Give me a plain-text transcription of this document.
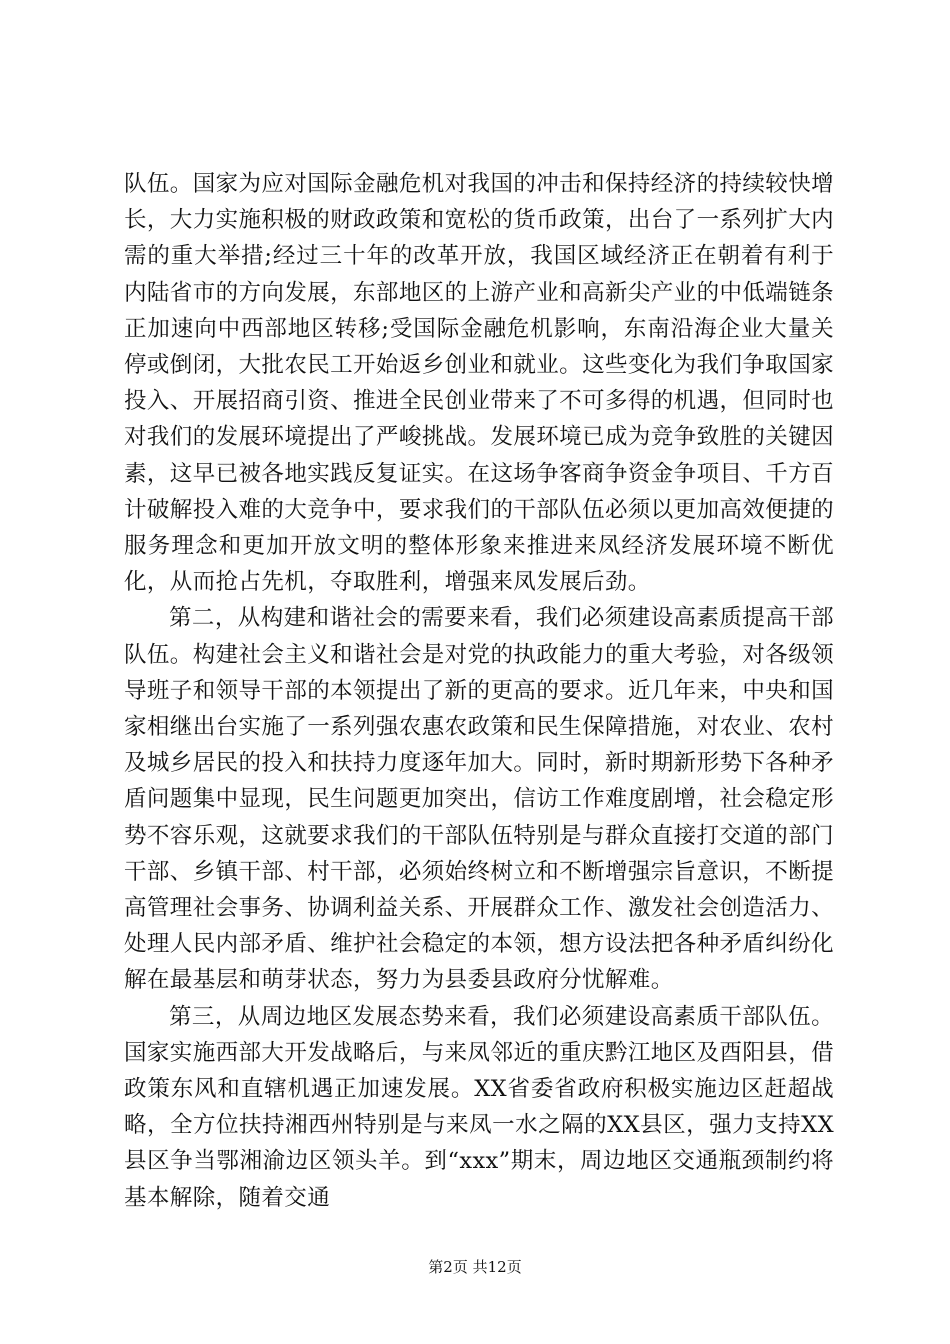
队伍。国家为应对国际金融危机对我国的冲击和保持经济的持续较快增长，大力实施积极的财政政策和宽松的货币政策，出台了一系列扩大内需的重大举措;经过三十年的改革开放，我国区域经济正在朝着有利于内陆省市的方向发展，东部地区的上游产业和高新尖产业的中低端链条正加速向中西部地区转移;受国际金融危机影响，东南沿海企业大量关停或倒闭，大批农民工开始返乡创业和就业。这些变化为我们争取国家投入、开展招商引资、推进全民创业带来了不可多得的机遇，但同时也对我们的发展环境提出了严峻挑战。发展环境已成为竞争致胜的关键因素，这早已被各地实践反复证实。在这场争客商争资金争项目、千方百计破解投入难的大竞争中，要求我们的干部队伍必须以更加高效便捷的服务理念和更加开放文明的整体形象来推进来凤经济发展环境不断优化，从而抢占先机，夺取胜利，增强来凤发展后劲。

第二，从构建和谐社会的需要来看，我们必须建设高素质提高干部队伍。构建社会主义和谐社会是对党的执政能力的重大考验，对各级领导班子和领导干部的本领提出了新的更高的要求。近几年来，中央和国家相继出台实施了一系列强农惠农政策和民生保障措施，对农业、农村及城乡居民的投入和扶持力度逐年加大。同时，新时期新形势下各种矛盾问题集中显现，民生问题更加突出，信访工作难度剧增，社会稳定形势不容乐观，这就要求我们的干部队伍特别是与群众直接打交道的部门干部、乡镇干部、村干部，必须始终树立和不断增强宗旨意识，不断提高管理社会事务、协调利益关系、开展群众工作、激发社会创造活力、处理人民内部矛盾、维护社会稳定的本领，想方设法把各种矛盾纠纷化解在最基层和萌芽状态，努力为县委县政府分忧解难。

第三，从周边地区发展态势来看，我们必须建设高素质干部队伍。国家实施西部大开发战略后，与来凤邻近的重庆黔江地区及酉阳县，借政策东风和直辖机遇正加速发展。XX省委省政府积极实施边区赶超战略，全方位扶持湘西州特别是与来凤一水之隔的XX县区，强力支持XX县区争当鄂湘渝边区领头羊。到“xxx”期末，周边地区交通瓶颈制约将基本解除，随着交通

第2页 共12页
